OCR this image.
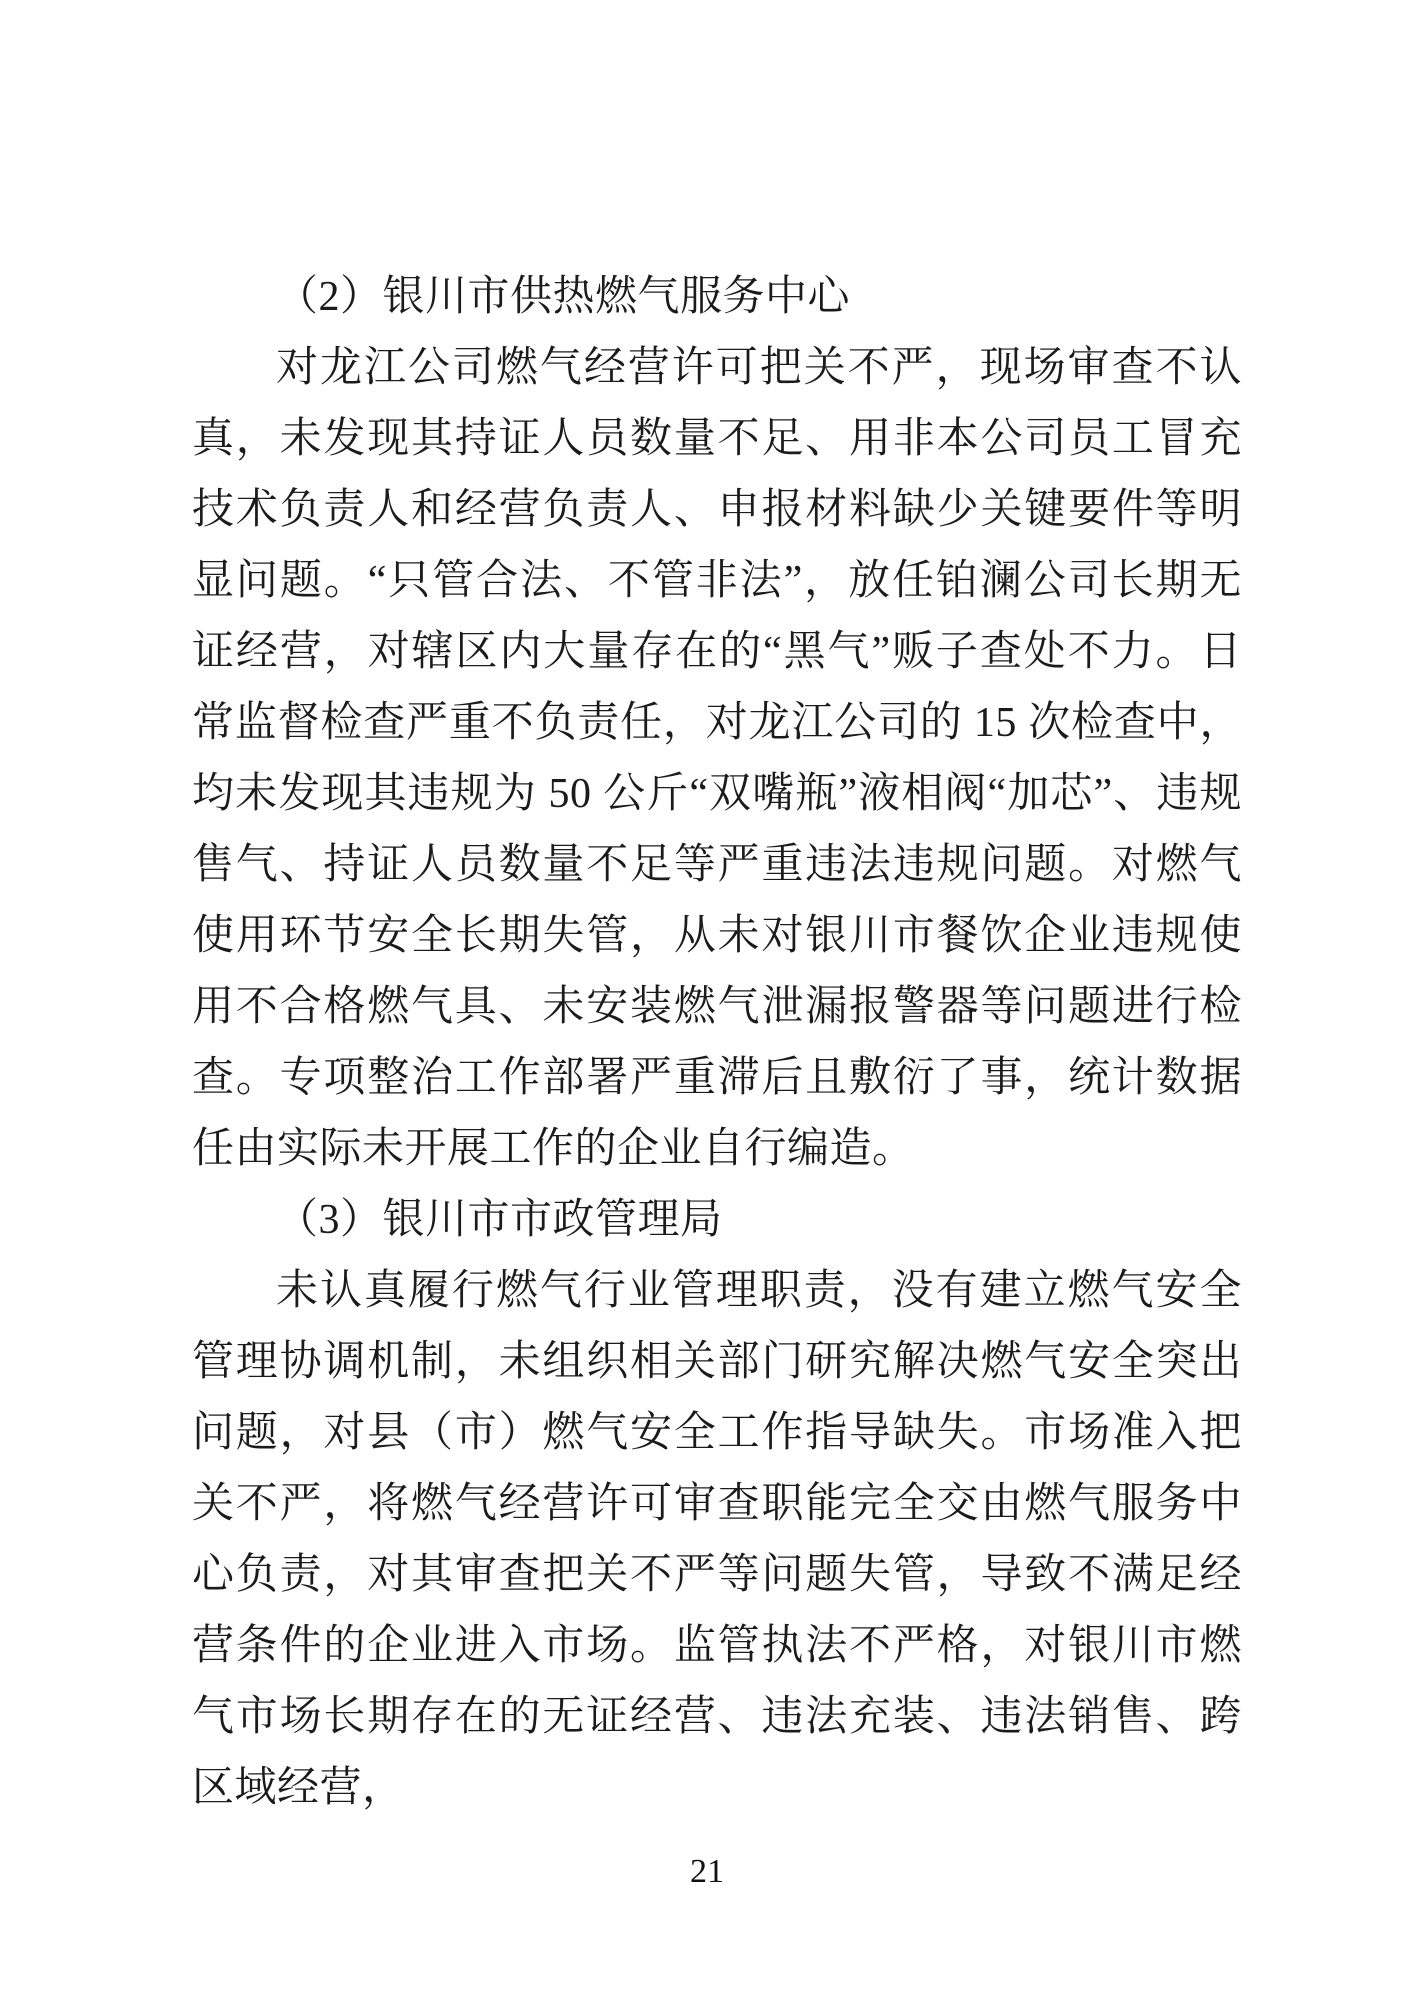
（2）银川市供热燃气服务中心

对龙江公司燃气经营许可把关不严，现场审查不认真，未发现其持证人员数量不足、用非本公司员工冒充技术负责人和经营负责人、申报材料缺少关键要件等明显问题。“只管合法、不管非法”，放任铂澜公司长期无证经营，对辖区内大量存在的“黑气”贩子查处不力。日常监督检查严重不负责任，对龙江公司的 15 次检查中，均未发现其违规为 50 公斤“双嘴瓶”液相阀“加芯”、违规售气、持证人员数量不足等严重违法违规问题。对燃气使用环节安全长期失管，从未对银川市餐饮企业违规使用不合格燃气具、未安装燃气泄漏报警器等问题进行检查。专项整治工作部署严重滞后且敷衍了事，统计数据任由实际未开展工作的企业自行编造。

（3）银川市市政管理局

未认真履行燃气行业管理职责，没有建立燃气安全管理协调机制，未组织相关部门研究解决燃气安全突出问题，对县（市）燃气安全工作指导缺失。市场准入把关不严，将燃气经营许可审查职能完全交由燃气服务中心负责，对其审查把关不严等问题失管，导致不满足经营条件的企业进入市场。监管执法不严格，对银川市燃气市场长期存在的无证经营、违法充装、违法销售、跨区域经营，

21
